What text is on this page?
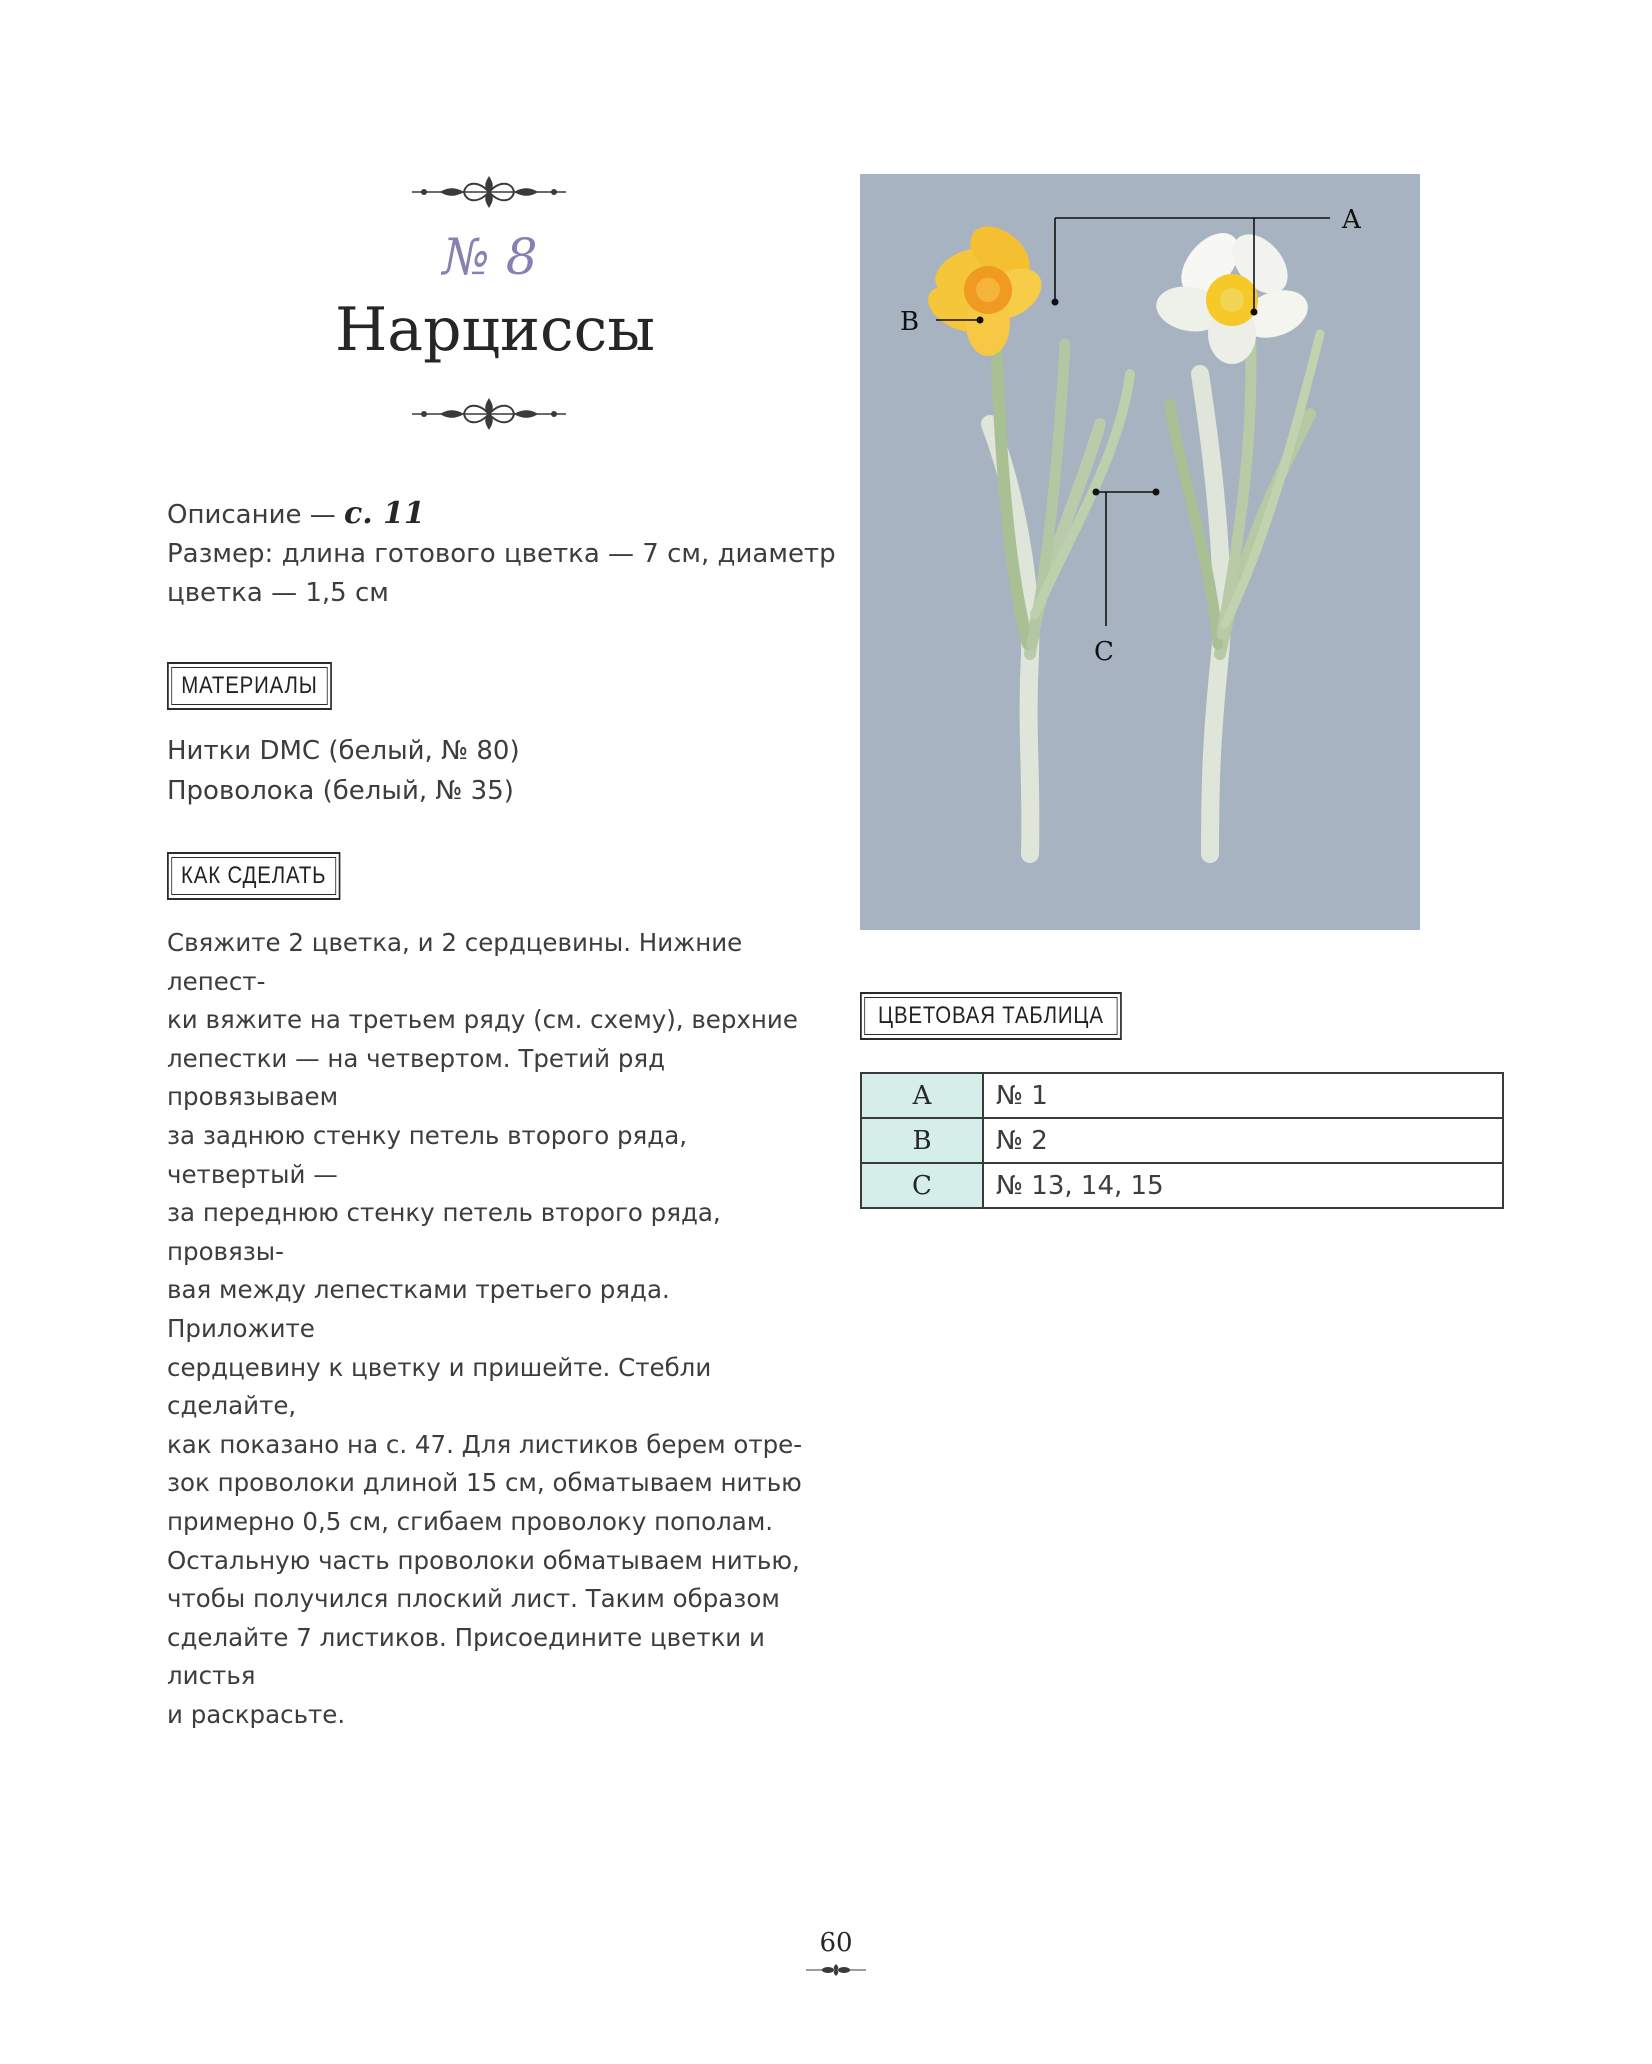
№ 8
Нарциссы
Описание — с. 11
Размер: длина готового цветка — 7 см, диаметр
цветка — 1,5 см
МАТЕРИАЛЫ
Нитки DMC (белый, № 80)
Проволока (белый, № 35)
КАК СДЕЛАТЬ
Свяжите 2 цветка, и 2 сердцевины. Нижние лепест-
ки вяжите на третьем ряду (см. схему), верхние
лепестки — на четвертом. Третий ряд провязываем
за заднюю стенку петель второго ряда, четвертый —
за переднюю стенку петель второго ряда, провязы-
вая между лепестками третьего ряда. Приложите
сердцевину к цветку и пришейте. Стебли сделайте,
как показано на с. 47. Для листиков берем отре-
зок проволоки длиной 15 см, обматываем нитью
примерно 0,5 см, сгибаем проволоку пополам.
Остальную часть проволоки обматываем нитью,
чтобы получился плоский лист. Таким образом
сделайте 7 листиков. Присоедините цветки и листья
и раскрасьте.
A
B
C
ЦВЕТОВАЯ ТАБЛИЦА
A	№ 1
B	№ 2
C	№ 13, 14, 15
60
